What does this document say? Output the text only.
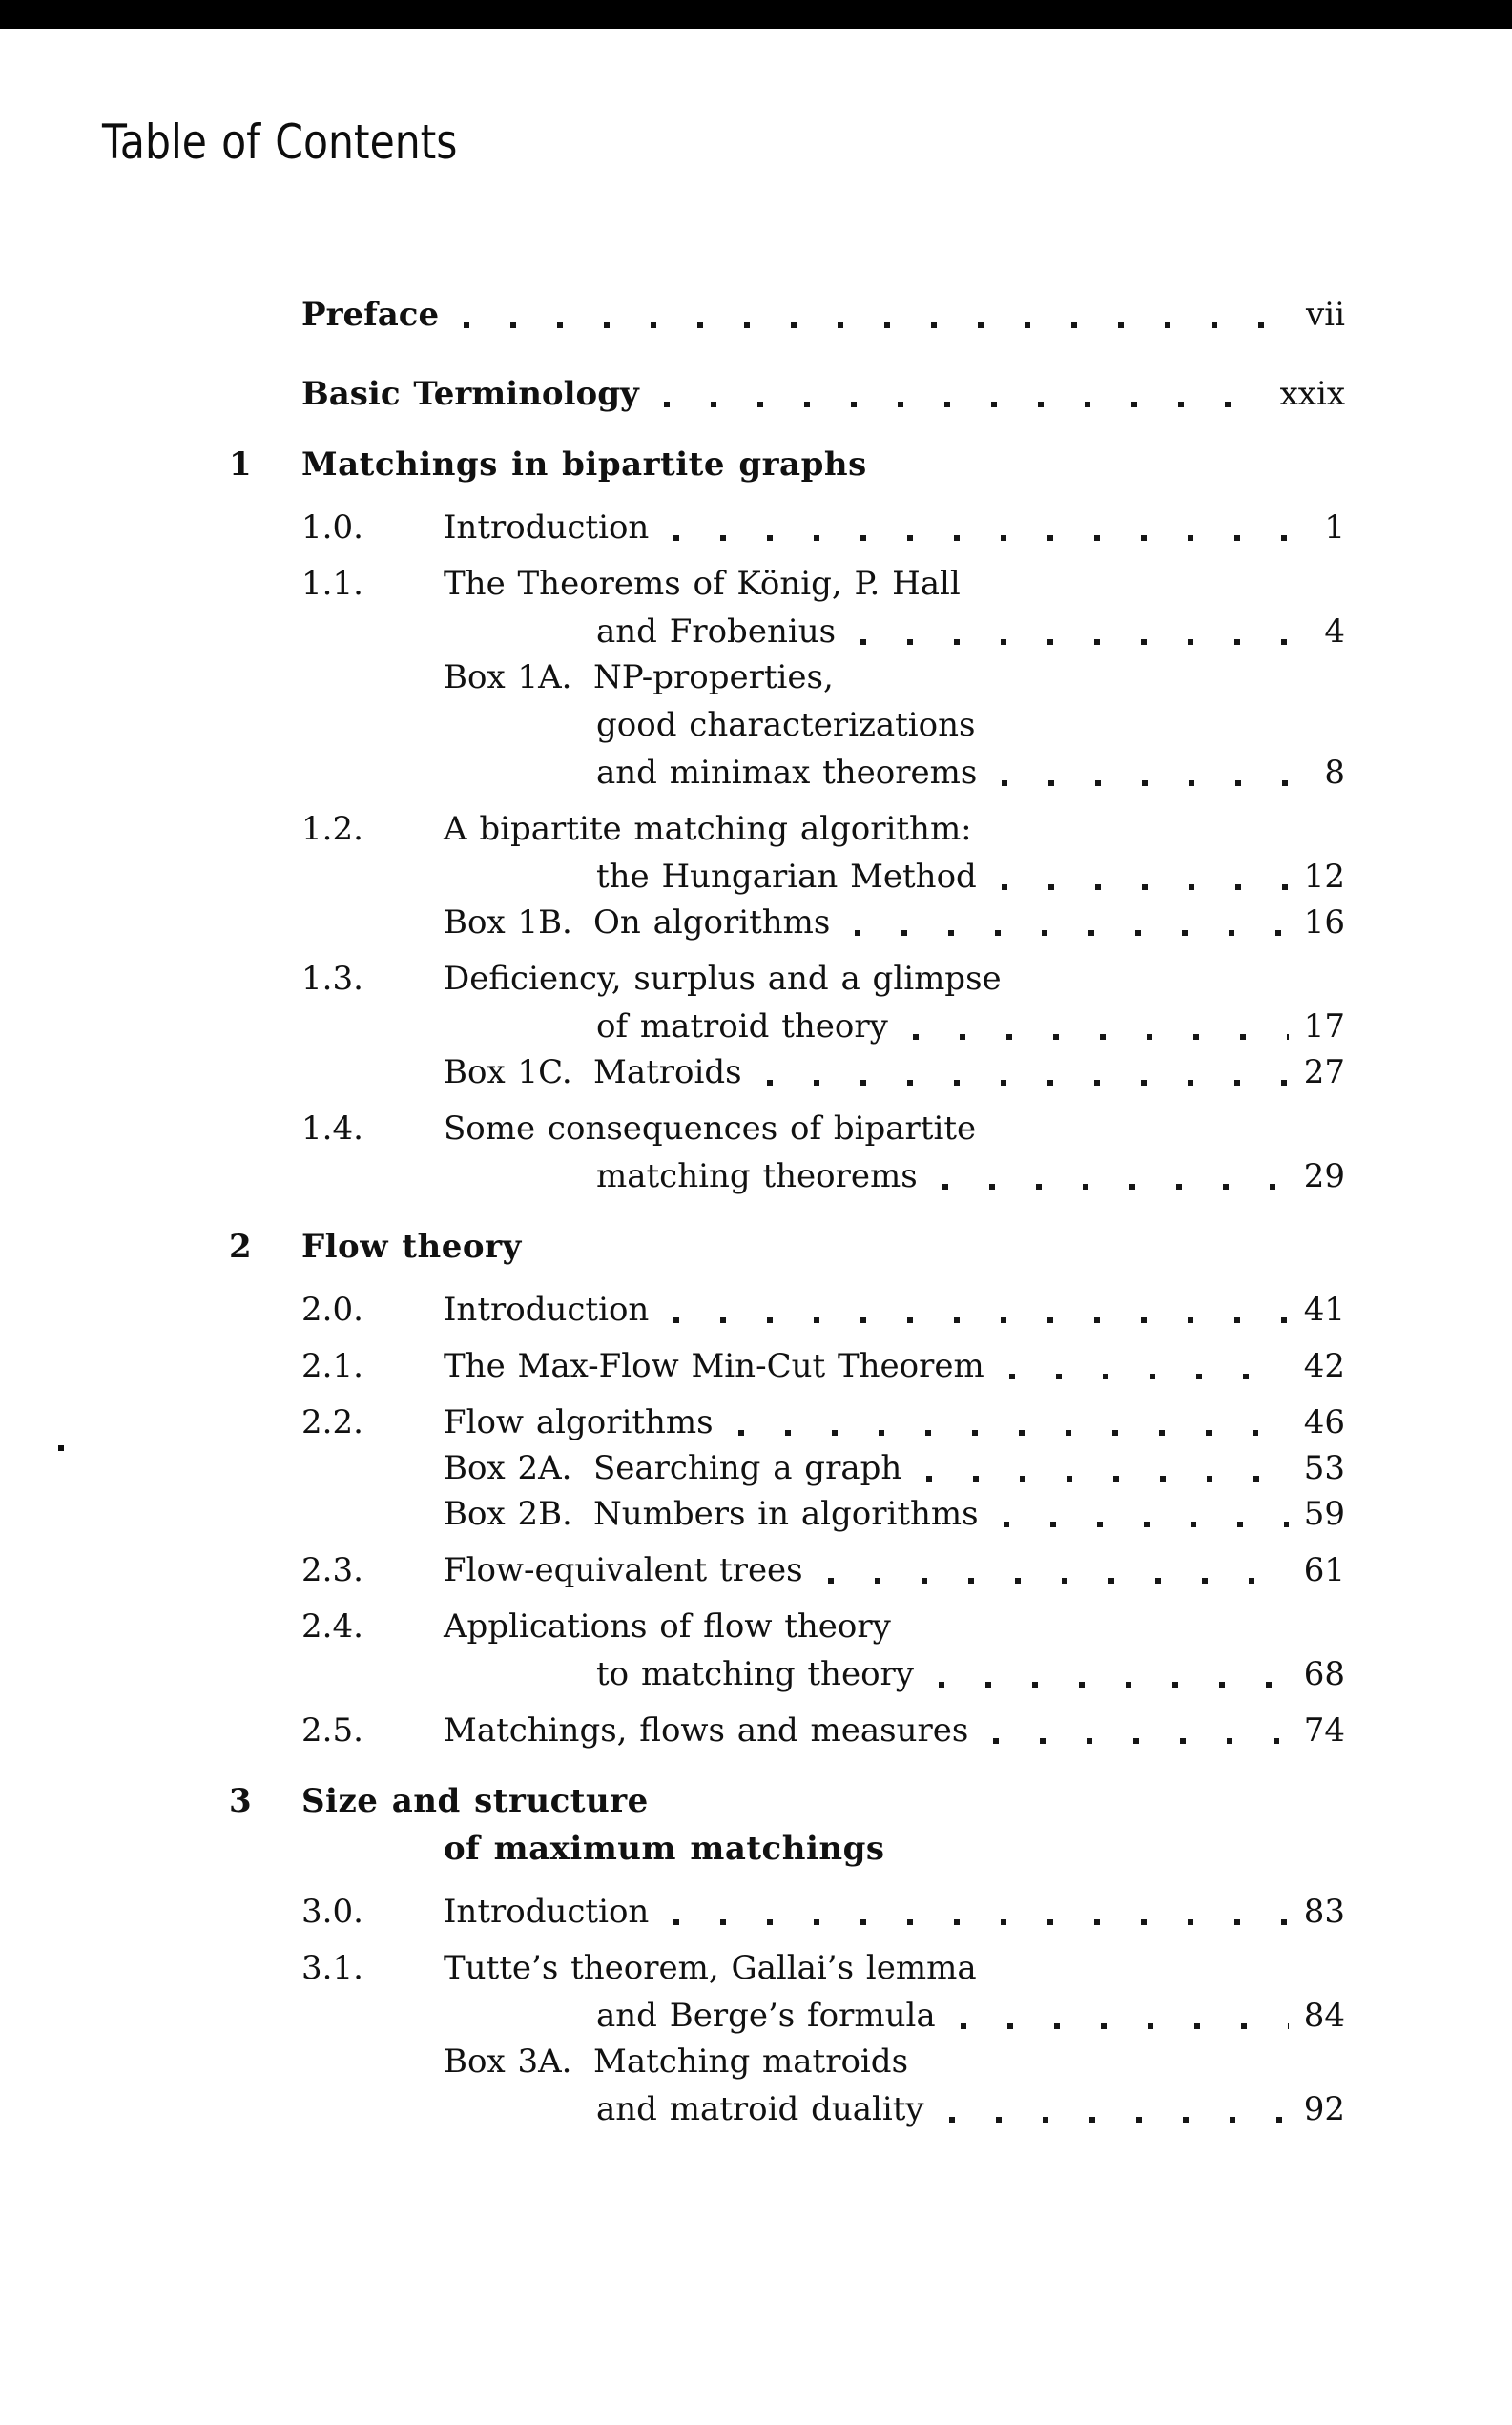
Table of Contents
Preface	vii
Basic Terminology	xxix
1 Matchings in bipartite graphs
1.0. Introduction	1
1.1. The Theorems of König, P. Hall
and Frobenius	4
Box 1A. NP-properties,
good characterizations
and minimax theorems	8
1.2. A bipartite matching algorithm:
the Hungarian Method	12
Box 1B. On algorithms	16
1.3. Deficiency, surplus and a glimpse
of matroid theory	17
Box 1C. Matroids	27
1.4. Some consequences of bipartite
matching theorems	29
2 Flow theory
2.0. Introduction	41
2.1. The Max-Flow Min-Cut Theorem	42
2.2. Flow algorithms	46
Box 2A. Searching a graph	53
Box 2B. Numbers in algorithms	59
2.3. Flow-equivalent trees	61
2.4. Applications of flow theory
to matching theory	68
2.5. Matchings, flows and measures	74
3 Size and structure
of maximum matchings
3.0. Introduction	83
3.1. Tutte’s theorem, Gallai’s lemma
and Berge’s formula	84
Box 3A. Matching matroids
and matroid duality	92
